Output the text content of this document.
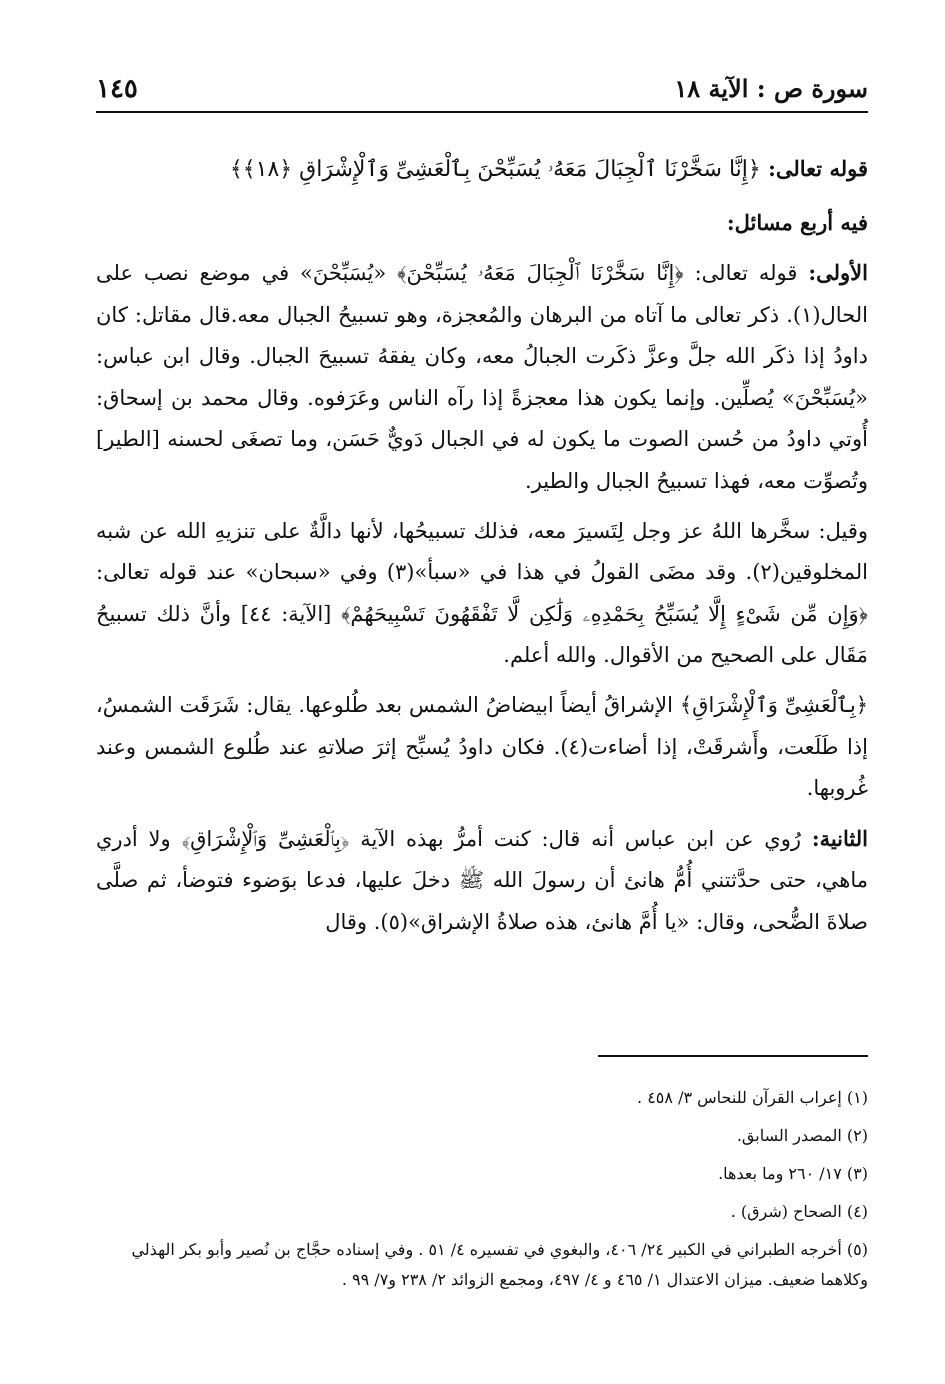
سورة ص : الآية ١٨
١٤٥

قوله تعالى: ﴿إِنَّا سَخَّرْنَا ٱلْجِبَالَ مَعَهُۥ يُسَبِّحْنَ بِٱلْعَشِىِّ وَٱلْإِشْرَاقِ ﴿١٨﴾﴾

فيه أربع مسائل:

الأولى: قوله تعالى: ﴿إِنَّا سَخَّرْنَا ٱلْجِبَالَ مَعَهُۥ يُسَبِّحْنَ﴾ «يُسَبِّحْنَ» في موضع نصب على الحال(١). ذكر تعالى ما آتاه من البرهان والمُعجزة، وهو تسبيحُ الجبال معه.قال مقاتل: كان داودُ إذا ذكَر الله جلَّ وعزَّ ذكَرت الجبالُ معه، وكان يفقهُ تسبيحَ الجبال. وقال ابن عباس: «يُسَبِّحْنَ» يُصلِّين. وإنما يكون هذا معجزةً إذا رآه الناس وعَرَفوه. وقال محمد بن إسحاق: أُوتي داودُ من حُسن الصوت ما يكون له في الجبال دَويٌّ حَسَن، وما تصغَى لحسنه [الطير] وتُصوِّت معه، فهذا تسبيحُ الجبال والطير.

وقيل: سخَّرها اللهُ عز وجل لِتَسيرَ معه، فذلك تسبيحُها، لأنها دالَّةٌ على تنزيهِ الله عن شبه المخلوقين(٢). وقد مضَى القولُ في هذا في «سبأ»(٣) وفي «سبحان» عند قوله تعالى: ﴿وَإِن مِّن شَىْءٍ إِلَّا يُسَبِّحُ بِحَمْدِهِۦ وَلَٰكِن لَّا تَفْقَهُونَ تَسْبِيحَهُمْ﴾ [الآية: ٤٤] وأنَّ ذلك تسبيحُ مَقَال على الصحيح من الأقوال. والله أعلم.

﴿بِٱلْعَشِىِّ وَٱلْإِشْرَاقِ﴾ الإشراقُ أيضاً ابيضاضُ الشمس بعد طُلوعها. يقال: شَرَقَت الشمسُ، إذا طَلَعت، وأَشرقَتْ، إذا أضاءت(٤). فكان داودُ يُسبِّح إثرَ صلاتهِ عند طُلوع الشمس وعند غُروبها.

الثانية: رُوي عن ابن عباس أنه قال: كنت أمرُّ بهذه الآية ﴿بِٱلْعَشِىِّ وَٱلْإِشْرَاقِ﴾ ولا أدري ماهي، حتى حدَّثتني أُمُّ هانئ أن رسولَ الله ﷺ دخلَ عليها، فدعا بوَضوء فتوضأ، ثم صلَّى صلاةَ الضُّحى، وقال: «يا أُمَّ هانئ، هذه صلاةُ الإشراق»(٥). وقال

(١) إعراب القرآن للنحاس ٣/ ٤٥٨ .
(٢) المصدر السابق.
(٣) ١٧/ ٢٦٠ وما بعدها.
(٤) الصحاح (شرق) .
(٥) أخرجه الطبراني في الكبير ٢٤/ ٤٠٦، والبغوي في تفسيره ٤/ ٥١ . وفي إسناده حجَّاج بن نُصير وأبو بكر الهذلي وكلاهما ضعيف. ميزان الاعتدال ١/ ٤٦٥ و ٤/ ٤٩٧، ومجمع الزوائد ٢/ ٢٣٨ و٧/ ٩٩ .
